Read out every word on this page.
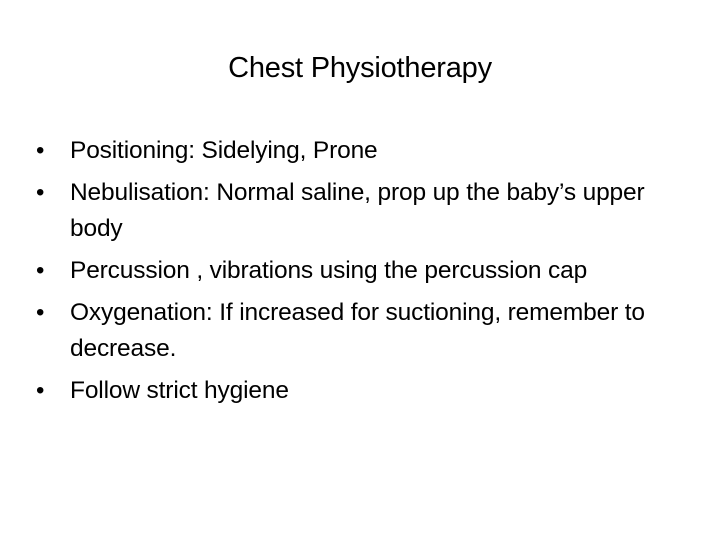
Chest Physiotherapy
•	Positioning: Sidelying, Prone
•	Nebulisation: Normal saline, prop up the baby’s upper body
•	Percussion , vibrations using the percussion cap
•	Oxygenation: If increased for suctioning, remember to decrease.
•	Follow strict hygiene
